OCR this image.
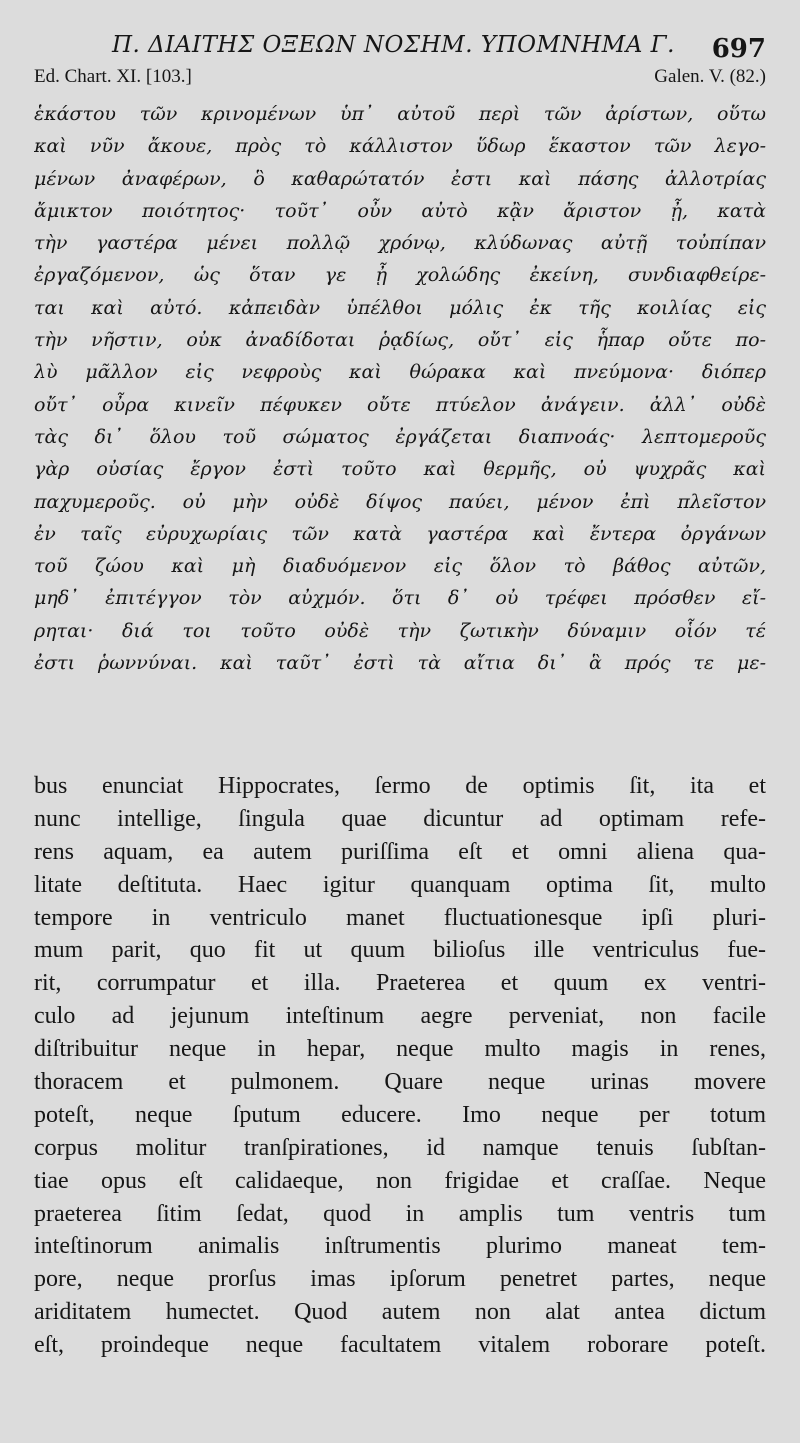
Π. ΔΙΑΙΤΗΣ ΟΞΕΩΝ ΝΟΣΗΜ. ΥΠΟΜΝΗΜΑ Γ. 697
Ed. Chart. XI. [103.]	Galen. V. (82.)
ἑκάστου τῶν κρινομένων ὑπ᾽ αὐτοῦ περὶ τῶν ἀρίστων, οὕτω
καὶ νῦν ἄκουε, πρὸς τὸ κάλλιστον ὕδωρ ἕκαστον τῶν λεγο-
μένων ἀναφέρων, ὃ καθαρώτατόν ἐστι καὶ πάσης ἀλλοτρίας
ἄμικτον ποιότητος· τοῦτ᾽ οὖν αὐτὸ κᾂν ἄριστον ᾖ, κατὰ
τὴν γαστέρα μένει πολλῷ χρόνῳ, κλύδωνας αὐτῇ τοὐπίπαν
ἐργαζόμενον, ὡς ὅταν γε ᾖ χολώδης ἐκείνη, συνδιαφθείρε-
ται καὶ αὐτό. κἀπειδὰν ὑπέλθοι μόλις ἐκ τῆς κοιλίας εἰς
τὴν νῆστιν, οὐκ ἀναδίδοται ῥᾳδίως, οὔτ᾽ εἰς ἧπαρ οὔτε πο-
λὺ μᾶλλον εἰς νεφροὺς καὶ θώρακα καὶ πνεύμονα· διόπερ
οὔτ᾽ οὖρα κινεῖν πέφυκεν οὔτε πτύελον ἀνάγειν. ἀλλ᾽ οὐδὲ
τὰς δι᾽ ὅλου τοῦ σώματος ἐργάζεται διαπνοάς· λεπτομεροῦς
γὰρ οὐσίας ἔργον ἐστὶ τοῦτο καὶ θερμῆς, οὐ ψυχρᾶς καὶ
παχυμεροῦς. οὐ μὴν οὐδὲ δίψος παύει, μένον ἐπὶ πλεῖστον
ἐν ταῖς εὐρυχωρίαις τῶν κατὰ γαστέρα καὶ ἔντερα ὀργάνων
τοῦ ζώου καὶ μὴ διαδυόμενον εἰς ὅλον τὸ βάθος αὐτῶν,
μηδ᾽ ἐπιτέγγον τὸν αὐχμόν. ὅτι δ᾽ οὐ τρέφει πρόσθεν εἴ-
ρηται· διά τοι τοῦτο οὐδὲ τὴν ζωτικὴν δύναμιν οἷόν τέ
ἐστι ῥωννύναι. καὶ ταῦτ᾽ ἐστὶ τὰ αἴτια δι᾽ ἃ πρός τε με-
bus enunciat Hippocrates, ſermo de optimis ſit, ita et
nunc intellige, ſingula quae dicuntur ad optimam refe-
rens aquam, ea autem puriſſima eſt et omni aliena qua-
litate deſtituta. Haec igitur quanquam optima ſit, multo
tempore in ventriculo manet fluctuationesque ipſi pluri-
mum parit, quo fit ut quum bilioſus ille ventriculus fue-
rit, corrumpatur et illa. Praeterea et quum ex ventri-
culo ad jejunum inteſtinum aegre perveniat, non facile
diſtribuitur neque in hepar, neque multo magis in renes,
thoracem et pulmonem. Quare neque urinas movere
poteſt, neque ſputum educere. Imo neque per totum
corpus molitur tranſpirationes, id namque tenuis ſubſtan-
tiae opus eſt calidaeque, non frigidae et craſſae. Neque
praeterea ſitim ſedat, quod in amplis tum ventris tum
inteſtinorum animalis inſtrumentis plurimo maneat tem-
pore, neque prorſus imas ipſorum penetret partes, neque
ariditatem humectet. Quod autem non alat antea dictum
eſt, proindeque neque facultatem vitalem roborare poteſt.
